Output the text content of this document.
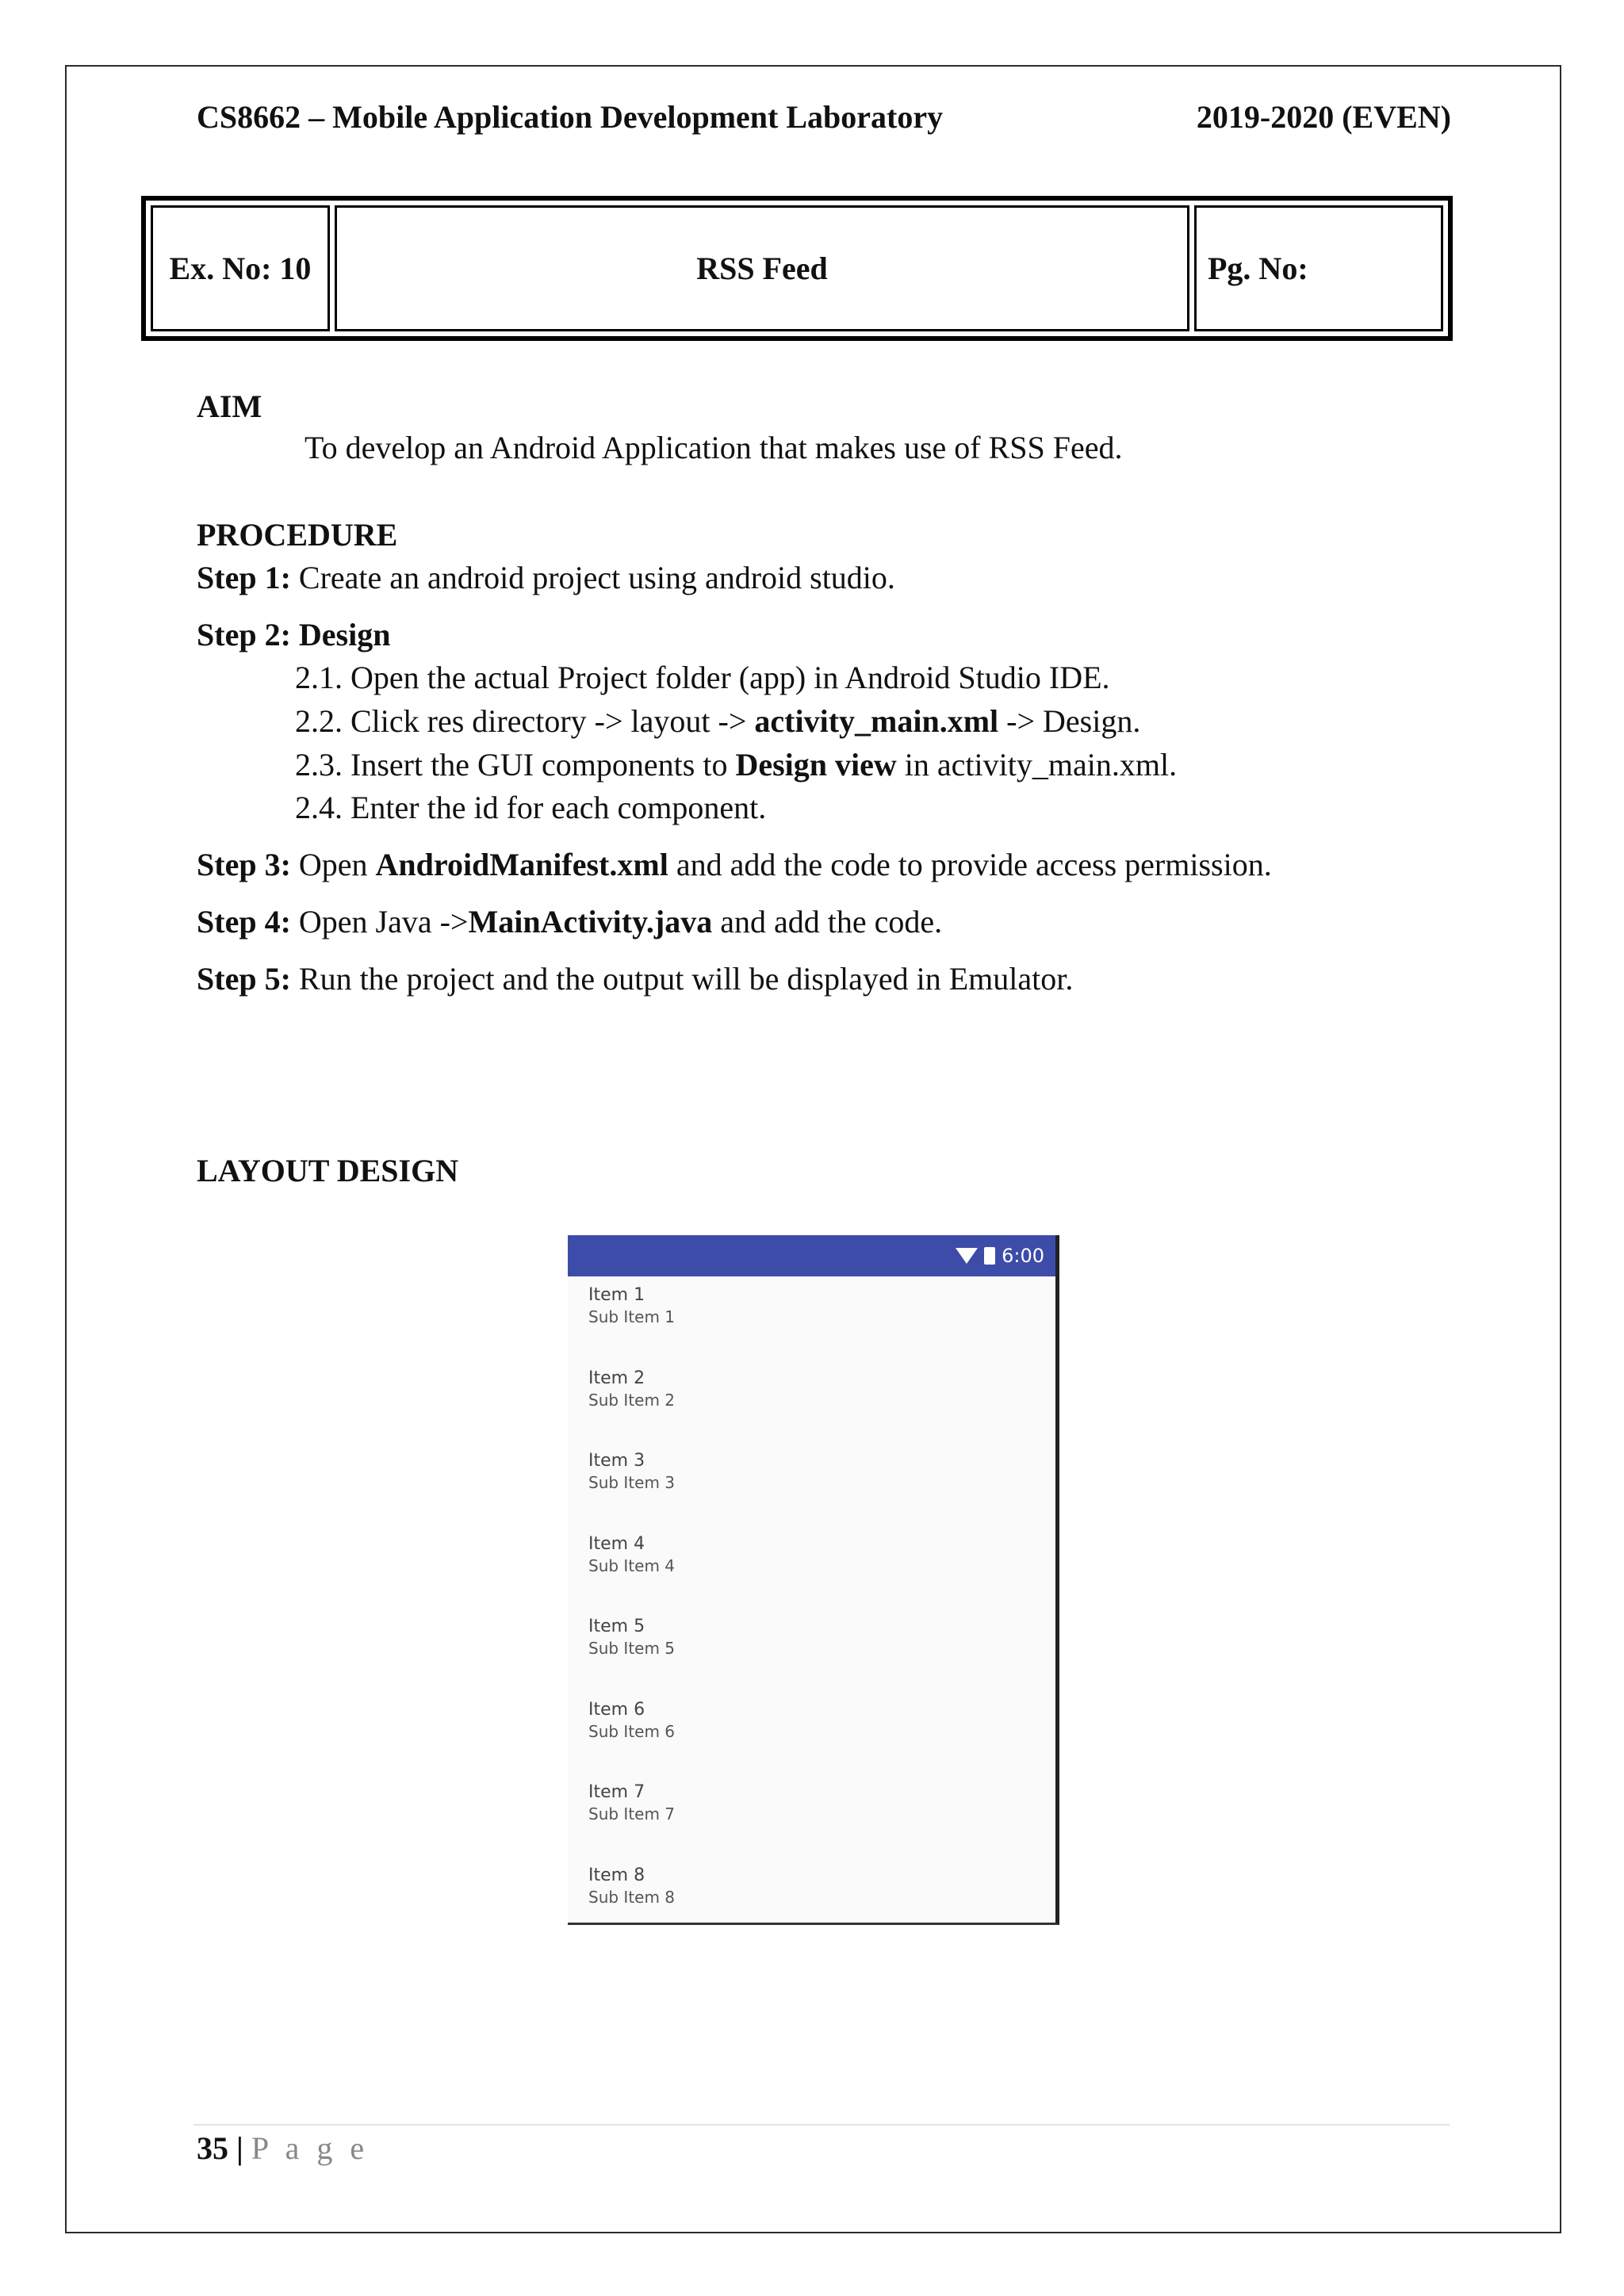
CS8662 – Mobile Application Development Laboratory	2019-2020 (EVEN)
Ex. No: 10	RSS Feed	Pg. No:
AIM
To develop an Android Application that makes use of RSS Feed.
PROCEDURE
Step 1: Create an android project using android studio.
Step 2: Design
2.1. Open the actual Project folder (app) in Android Studio IDE.
2.2. Click res directory -> layout -> activity_main.xml -> Design.
2.3. Insert the GUI components to Design view in activity_main.xml.
2.4. Enter the id for each component.
Step 3: Open AndroidManifest.xml and add the code to provide access permission.
Step 4: Open Java ->MainActivity.java and add the code.
Step 5: Run the project and the output will be displayed in Emulator.
LAYOUT DESIGN
6:00
Item 1
Sub Item 1
Item 2
Sub Item 2
Item 3
Sub Item 3
Item 4
Sub Item 4
Item 5
Sub Item 5
Item 6
Sub Item 6
Item 7
Sub Item 7
Item 8
Sub Item 8
35 | P a g e
